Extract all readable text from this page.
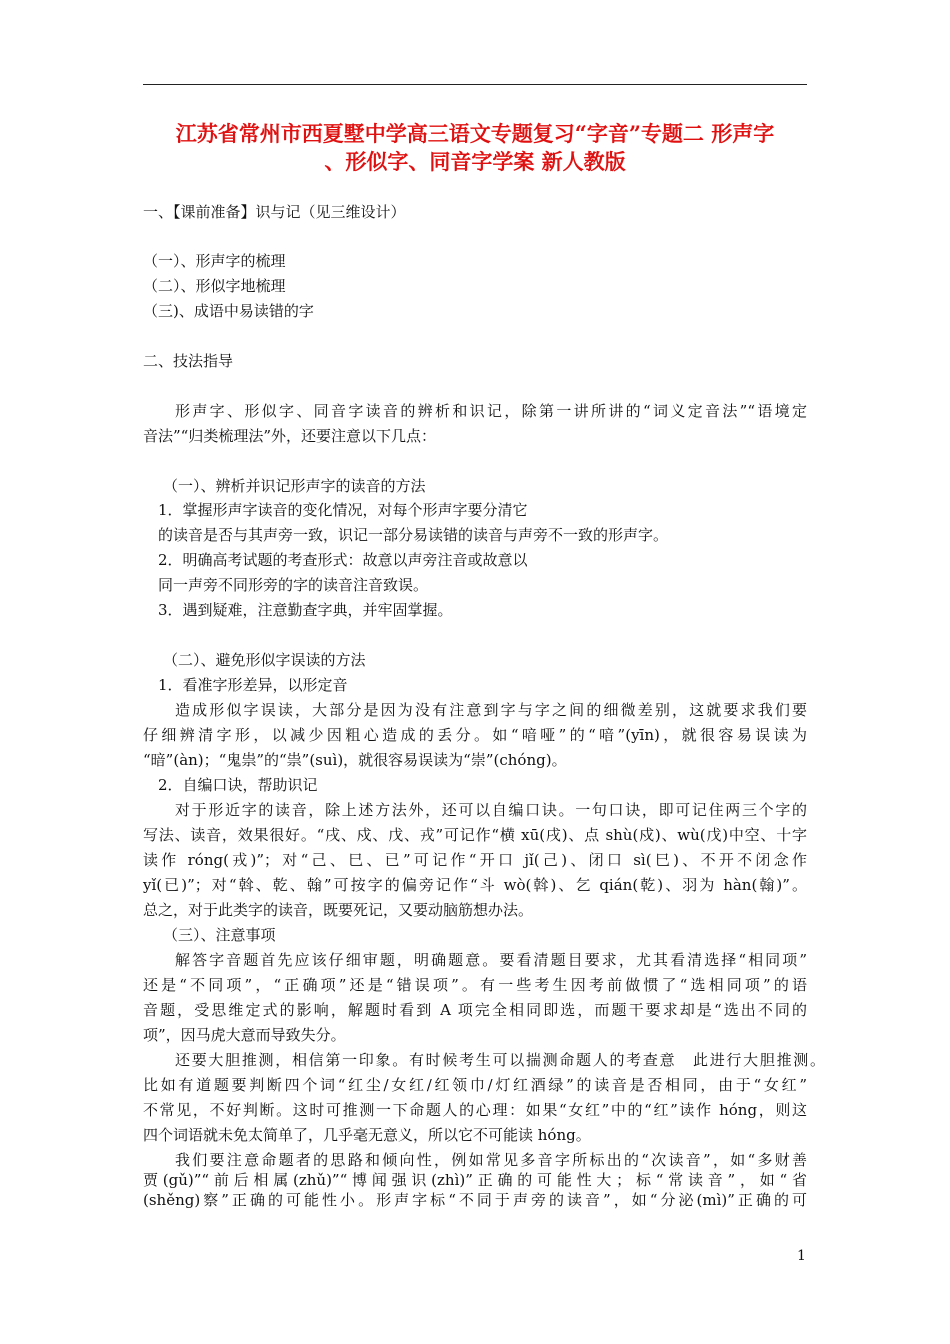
江苏省常州市西夏墅中学高三语文专题复习“字音”专题二 形声字
、形似字、同音字学案 新人教版
一、【课前准备】识与记（见三维设计）
（一）、形声字的梳理
（二）、形似字地梳理
（三)、成语中易读错的字
二、技法指导
形声字、形似字、同音字读音的辨析和识记，除第一讲所讲的“词义定音法”“语境定
音法”“归类梳理法”外，还要注意以下几点：
（一）、辨析并识记形声字的读音的方法
1．掌握形声字读音的变化情况，对每个形声字要分清它
的读音是否与其声旁一致，识记一部分易读错的读音与声旁不一致的形声字。
2．明确高考试题的考查形式：故意以声旁注音或故意以
同一声旁不同形旁的字的读音注音致误。
3．遇到疑难，注意勤查字典，并牢固掌握。
（二）、避免形似字误读的方法
1．看准字形差异，以形定音
造成形似字误读，大部分是因为没有注意到字与字之间的细微差别，这就要求我们要
仔细辨清字形，以减少因粗心造成的丢分。如“喑哑”的“喑”(yīn)，就很容易误读为
“暗”(àn)；“鬼祟”的“祟”(suì)，就很容易误读为“崇”(chóng)。
2．自编口诀，帮助识记
对于形近字的读音，除上述方法外，还可以自编口诀。一句口诀，即可记住两三个字的
写法、读音，效果很好。“戌、戍、戊、戎”可记作“横 xū(戌)、点 shù(戍)、wù(戊)中空、十字
读作 róng(戎)”；对“己、巳、已”可记作“开口 jǐ(己)、闭口 sì(巳)、不开不闭念作
yǐ(已)”；对“斡、乾、翰”可按字的偏旁记作“斗 wò(斡)、乞 qián(乾)、羽为 hàn(翰)”。
总之，对于此类字的读音，既要死记，又要动脑筋想办法。
（三）、注意事项
解答字音题首先应该仔细审题，明确题意。要看清题目要求，尤其看清选择“相同项”
还是“不同项”，“正确项”还是“错误项”。有一些考生因考前做惯了“选相同项”的语
音题，受思维定式的影响，解题时看到 A 项完全相同即选，而题干要求却是“选出不同的
项”，因马虎大意而导致失分。
还要大胆推测，相信第一印象。有时候考生可以揣测命题人的考查意　此进行大胆推测。
比如有道题要判断四个词“红尘/女红/红领巾/灯红酒绿”的读音是否相同，由于“女红”
不常见，不好判断。这时可推测一下命题人的心理：如果“女红”中的“红”读作 hóng，则这
四个词语就未免太简单了，几乎毫无意义，所以它不可能读 hóng。
我们要注意命题者的思路和倾向性，例如常见多音字所标出的“次读音”，如“多财善
贾(gǔ)”“前后相属(zhǔ)”“博闻强识(zhì)”正确的可能性大；标“常读音”，如“省
(shěng)察”正确的可能性小。形声字标“不同于声旁的读音”，如“分泌(mì)”正确的可
1
